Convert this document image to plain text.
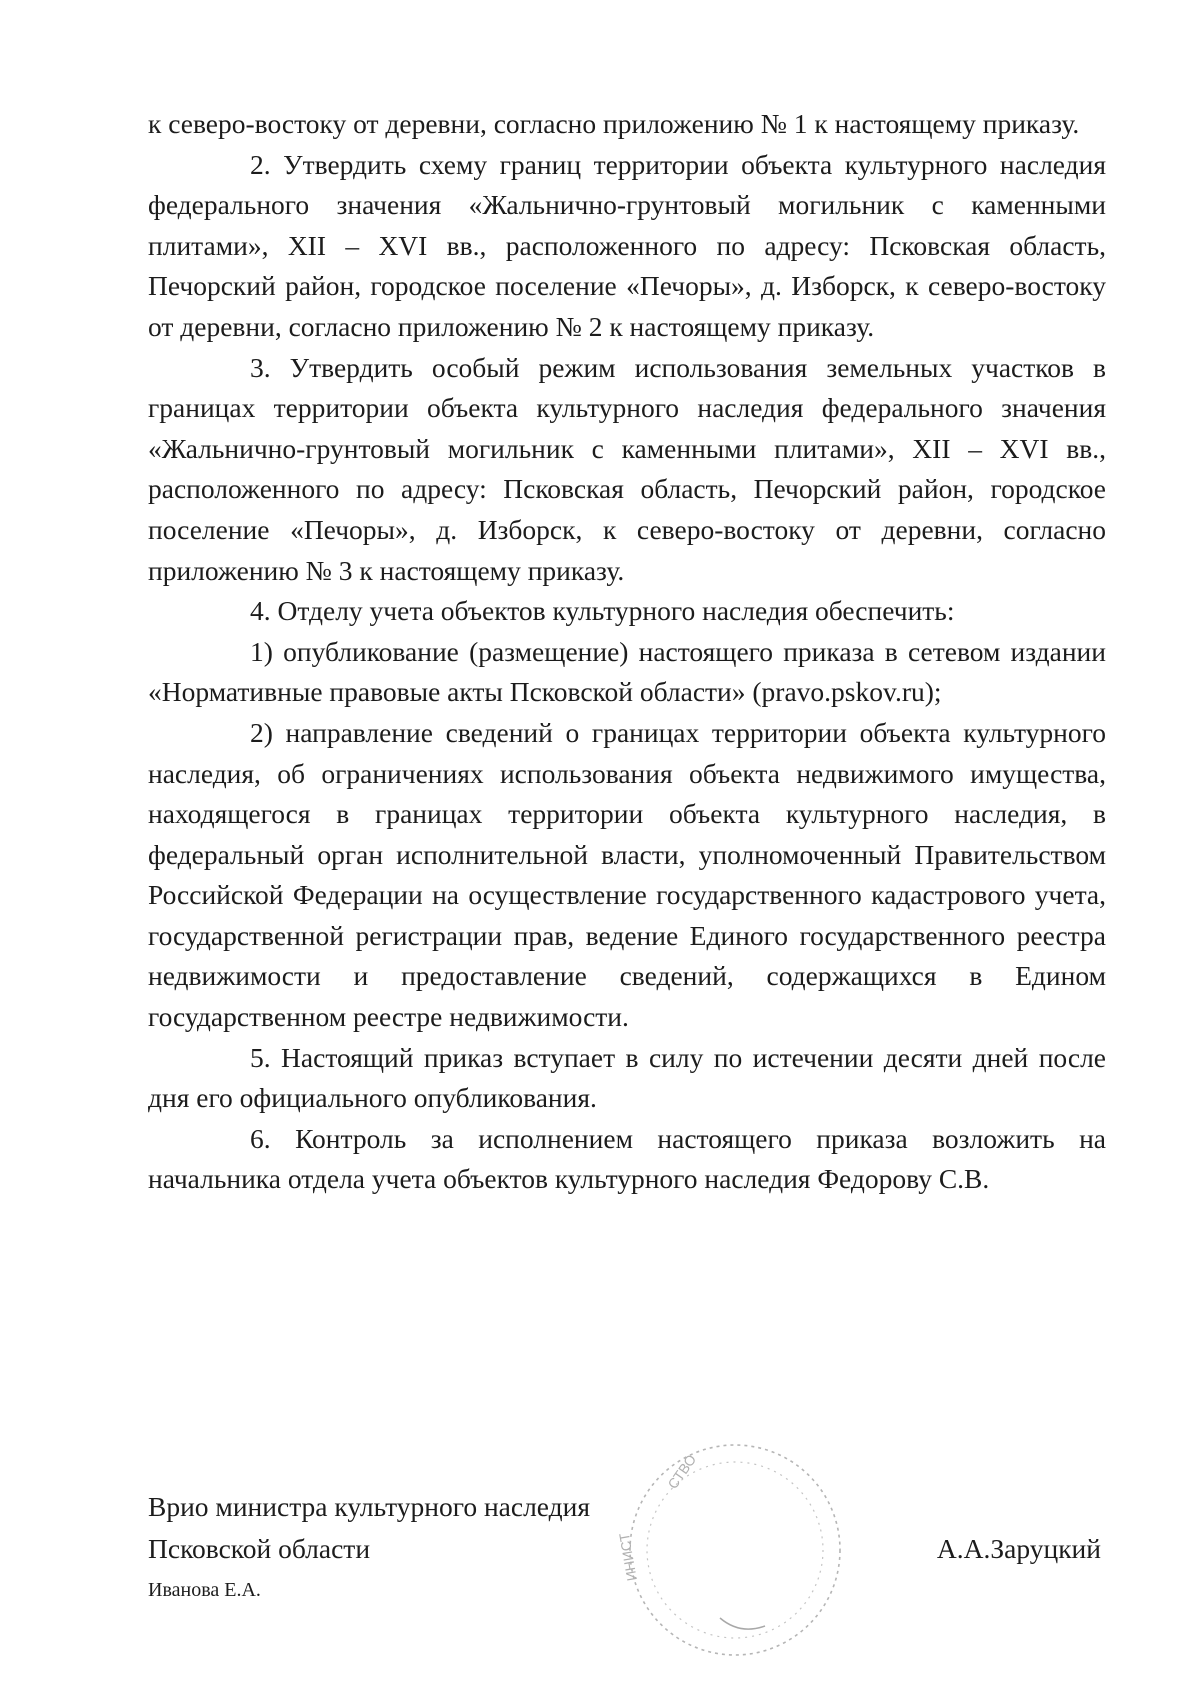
к северо-востоку от деревни, согласно приложению № 1 к настоящему приказу.

2. Утвердить схему границ территории объекта культурного наследия федерального значения «Жальнично-грунтовый могильник с каменными плитами», XII – XVI вв., расположенного по адресу: Псковская область, Печорский район, городское поселение «Печоры», д. Изборск, к северо-востоку от деревни, согласно приложению № 2 к настоящему приказу.

3. Утвердить особый режим использования земельных участков в границах территории объекта культурного наследия федерального значения «Жальнично-грунтовый могильник с каменными плитами», XII – XVI вв., расположенного по адресу: Псковская область, Печорский район, городское поселение «Печоры», д. Изборск, к северо-востоку от деревни, согласно приложению № 3 к настоящему приказу.

4. Отделу учета объектов культурного наследия обеспечить:

1) опубликование (размещение) настоящего приказа в сетевом издании «Нормативные правовые акты Псковской области» (pravo.pskov.ru);

2) направление сведений о границах территории объекта культурного наследия, об ограничениях использования объекта недвижимого имущества, находящегося в границах территории объекта культурного наследия, в федеральный орган исполнительной власти, уполномоченный Правительством Российской Федерации на осуществление государственного кадастрового учета, государственной регистрации прав, ведение Единого государственного реестра недвижимости и предоставление сведений, содержащихся в Едином государственном реестре недвижимости.

5. Настоящий приказ вступает в силу по истечении десяти дней после дня его официального опубликования.

6. Контроль за исполнением настоящего приказа возложить на начальника отдела учета объектов культурного наследия Федорову С.В.

СТВО
ИНИСТ
Врио министра культурного наследия
Псковской области	А.А.Заруцкий
Иванова Е.А.
